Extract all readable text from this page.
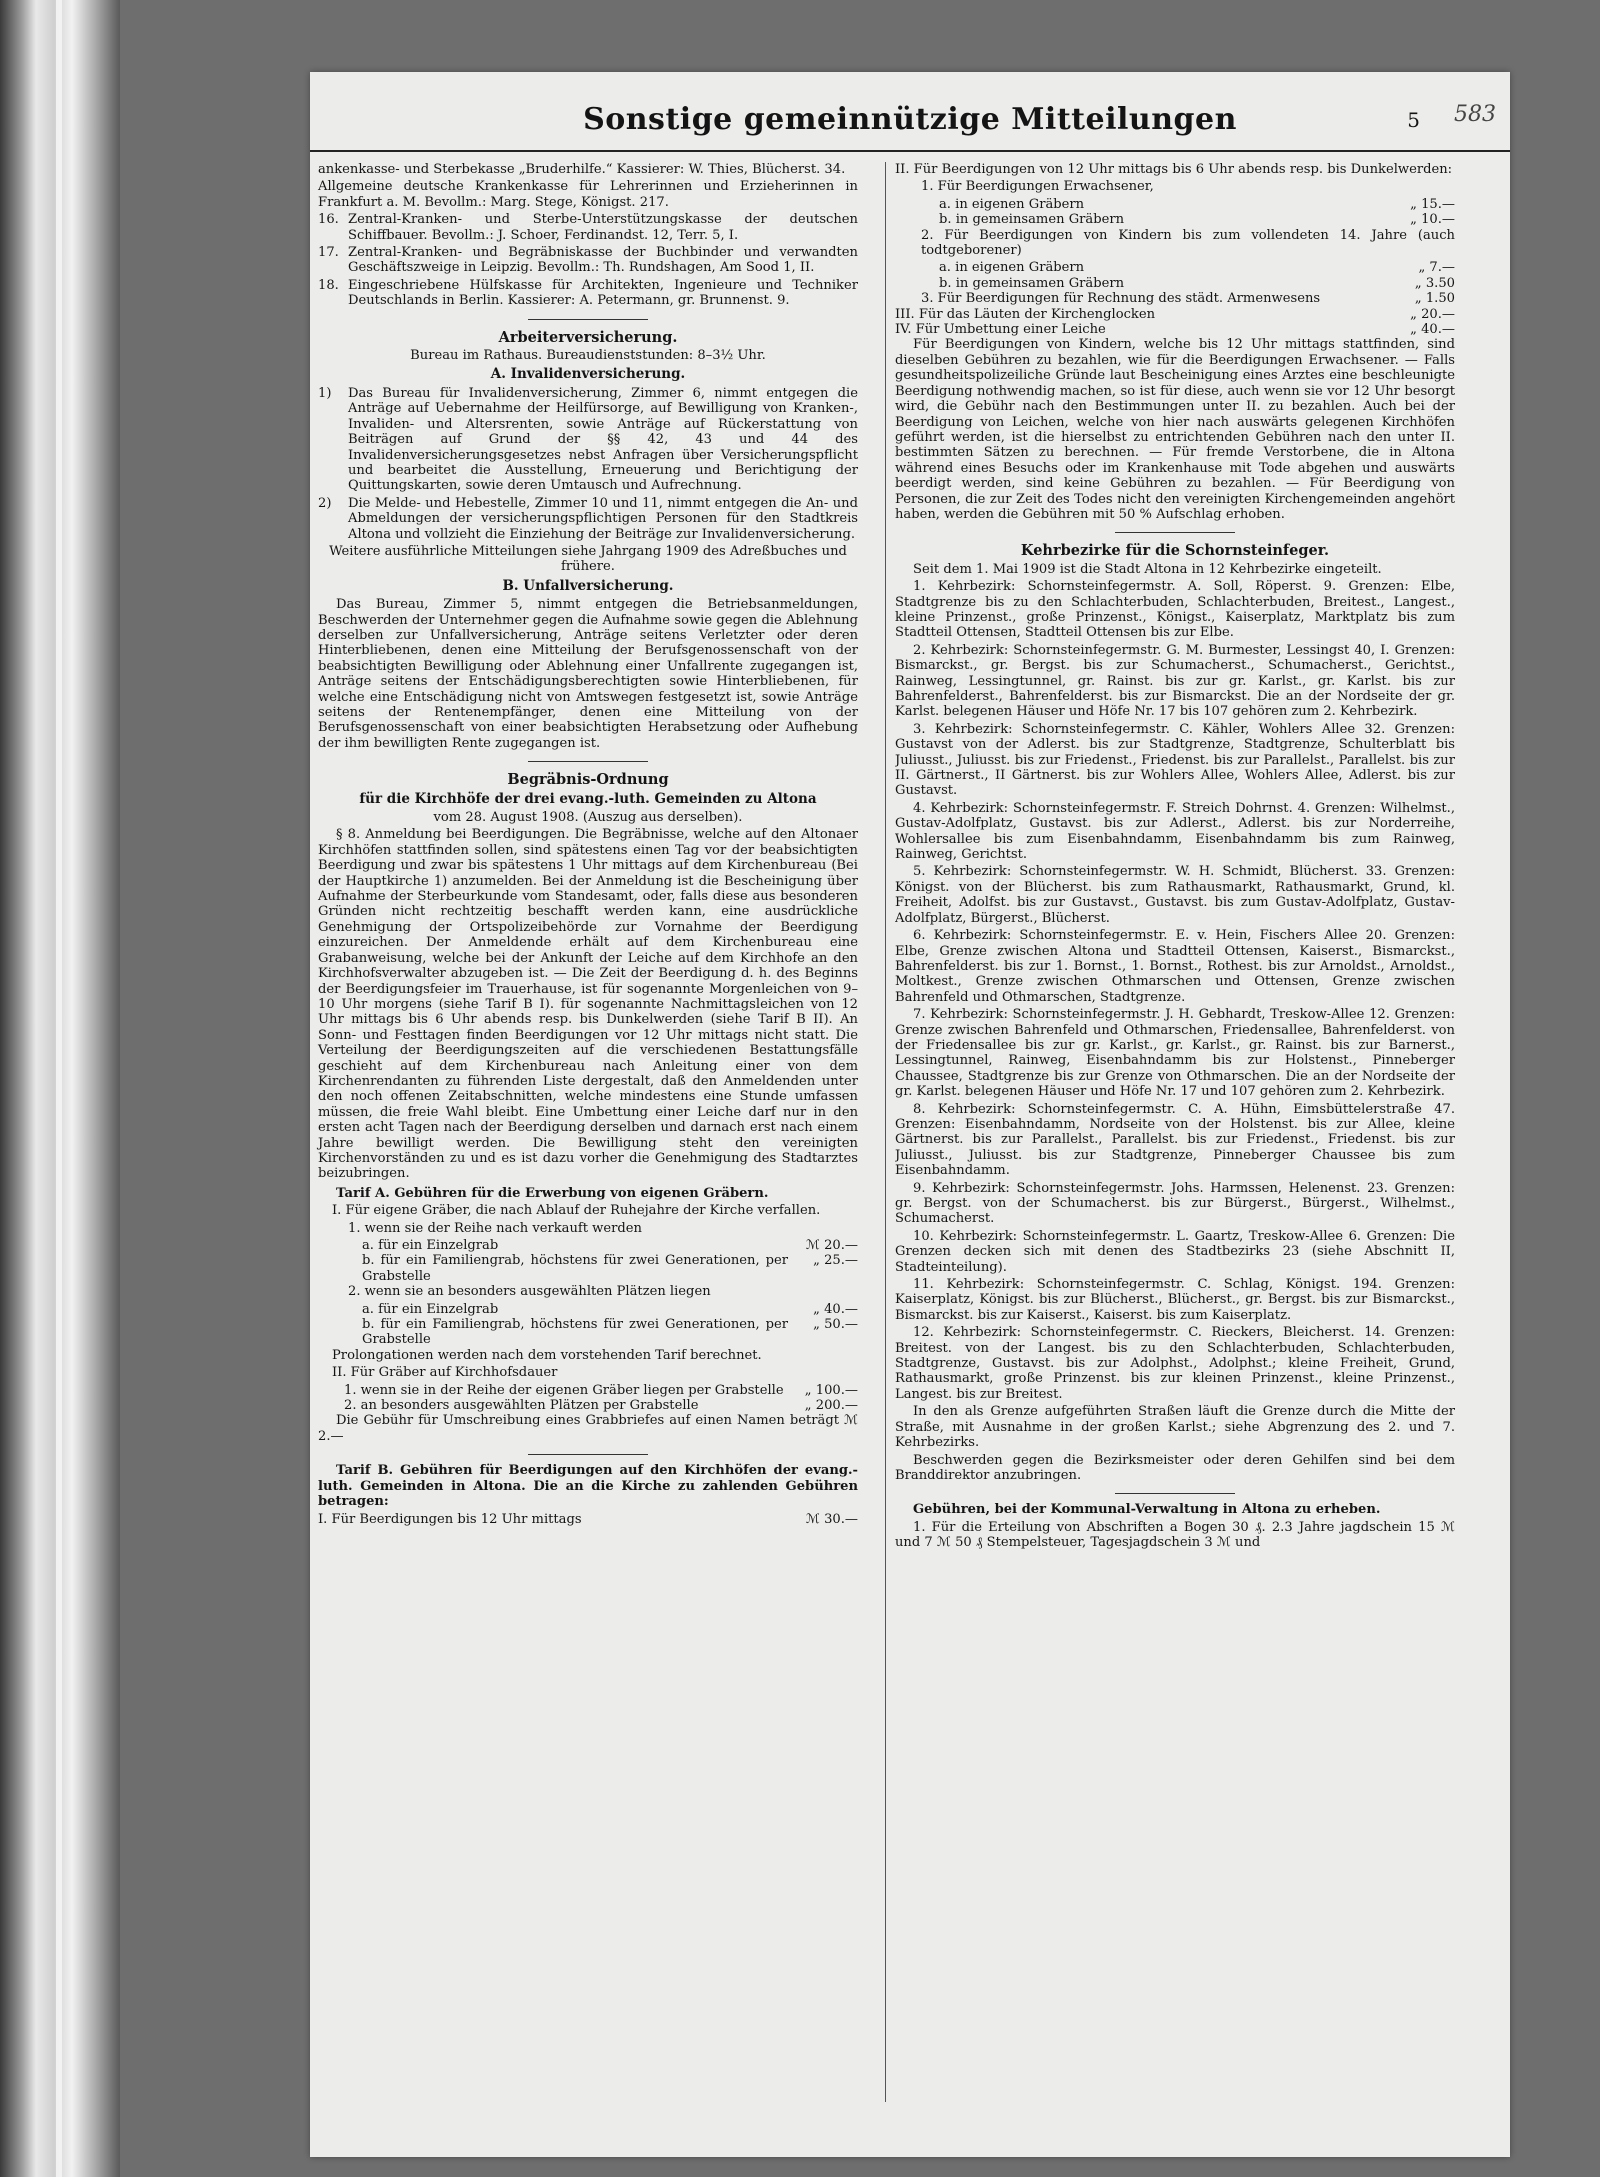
Sonstige gemeinnützige Mitteilungen	5 583

ankenkasse- und Sterbekasse „Bruderhilfe.“ Kassierer: W. Thies, Blücherst. 34.

Allgemeine deutsche Krankenkasse für Lehrerinnen und Erzieherinnen in Frankfurt a. M. Bevollm.: Marg. Stege, Königst. 217.

16. Zentral-Kranken- und Sterbe-Unterstützungskasse der deutschen Schiffbauer. Bevollm.: J. Schoer, Ferdinandst. 12, Terr. 5, I.
17. Zentral-Kranken- und Begräbniskasse der Buchbinder und verwandten Geschäftszweige in Leipzig. Bevollm.: Th. Rundshagen, Am Sood 1, II.
18. Eingeschriebene Hülfskasse für Architekten, Ingenieure und Techniker Deutschlands in Berlin. Kassierer: A. Petermann, gr. Brunnenst. 9.
Arbeiterversicherung.

Bureau im Rathaus. Bureaudienststunden: 8–3½ Uhr.

A. Invalidenversicherung.
1)	Das Bureau für Invalidenversicherung, Zimmer 6, nimmt entgegen die Anträge auf Uebernahme der Heilfürsorge, auf Bewilligung von Kranken-, Invaliden- und Altersrenten, sowie Anträge auf Rückerstattung von Beiträgen auf Grund der §§ 42, 43 und 44 des Invalidenversicherungsgesetzes nebst Anfragen über Versicherungspflicht und bearbeitet die Ausstellung, Erneuerung und Berichtigung der Quittungskarten, sowie deren Umtausch und Aufrechnung.
2)	Die Melde- und Hebestelle, Zimmer 10 und 11, nimmt entgegen die An- und Abmeldungen der versicherungspflichtigen Personen für den Stadtkreis Altona und vollzieht die Einziehung der Beiträge zur Invalidenversicherung.

Weitere ausführliche Mitteilungen siehe Jahrgang 1909 des Adreßbuches und frühere.

B. Unfallversicherung.

Das Bureau, Zimmer 5, nimmt entgegen die Betriebsanmeldungen, Beschwerden der Unternehmer gegen die Aufnahme sowie gegen die Ablehnung derselben zur Unfallversicherung, Anträge seitens Verletzter oder deren Hinterbliebenen, denen eine Mitteilung der Berufsgenossenschaft von der beabsichtigten Bewilligung oder Ablehnung einer Unfallrente zugegangen ist, Anträge seitens der Entschädigungsberechtigten sowie Hinterbliebenen, für welche eine Entschädigung nicht von Amtswegen festgesetzt ist, sowie Anträge seitens der Rentenempfänger, denen eine Mitteilung von der Berufsgenossenschaft von einer beabsichtigten Herabsetzung oder Aufhebung der ihm bewilligten Rente zugegangen ist.

Begräbnis-Ordnung
für die Kirchhöfe der drei evang.-luth. Gemeinden zu Altona

vom 28. August 1908. (Auszug aus derselben).

§ 8. Anmeldung bei Beerdigungen. Die Begräbnisse, welche auf den Altonaer Kirchhöfen stattfinden sollen, sind spätestens einen Tag vor der beabsichtigten Beerdigung und zwar bis spätestens 1 Uhr mittags auf dem Kirchenbureau (Bei der Hauptkirche 1) anzumelden. Bei der Anmeldung ist die Bescheinigung über Aufnahme der Sterbeurkunde vom Standesamt, oder, falls diese aus besonderen Gründen nicht rechtzeitig beschafft werden kann, eine ausdrückliche Genehmigung der Ortspolizeibehörde zur Vornahme der Beerdigung einzureichen. Der Anmeldende erhält auf dem Kirchenbureau eine Grabanweisung, welche bei der Ankunft der Leiche auf dem Kirchhofe an den Kirchhofsverwalter abzugeben ist. — Die Zeit der Beerdigung d. h. des Beginns der Beerdigungsfeier im Trauerhause, ist für sogenannte Morgenleichen von 9–10 Uhr morgens (siehe Tarif B I). für sogenannte Nachmittagsleichen von 12 Uhr mittags bis 6 Uhr abends resp. bis Dunkelwerden (siehe Tarif B II). An Sonn- und Festtagen finden Beerdigungen vor 12 Uhr mittags nicht statt. Die Verteilung der Beerdigungszeiten auf die verschiedenen Bestattungsfälle geschieht auf dem Kirchenbureau nach Anleitung einer von dem Kirchenrendanten zu führenden Liste dergestalt, daß den Anmeldenden unter den noch offenen Zeitabschnitten, welche mindestens eine Stunde umfassen müssen, die freie Wahl bleibt. Eine Umbettung einer Leiche darf nur in den ersten acht Tagen nach der Beerdigung derselben und darnach erst nach einem Jahre bewilligt werden. Die Bewilligung steht den vereinigten Kirchenvorständen zu und es ist dazu vorher die Genehmigung des Stadtarztes beizubringen.

Tarif A. Gebühren für die Erwerbung von eigenen Gräbern.

I. Für eigene Gräber, die nach Ablauf der Ruhejahre der Kirche verfallen.

1. wenn sie der Reihe nach verkauft werden

a. für ein Einzelgrab	ℳ 20.—
b. für ein Familiengrab, höchstens für zwei Generationen, per Grabstelle
„ 25.—

2. wenn sie an besonders ausgewählten Plätzen liegen

a. für ein Einzelgrab	„ 40.—
b. für ein Familiengrab, höchstens für zwei Generationen, per Grabstelle
„ 50.—

Prolongationen werden nach dem vorstehenden Tarif berechnet.

II. Für Gräber auf Kirchhofsdauer

1. wenn sie in der Reihe der eigenen Gräber liegen per Grabstelle	„ 100.—
2. an besonders ausgewählten Plätzen per Grabstelle	„ 200.—

Die Gebühr für Umschreibung eines Grabbriefes auf einen Namen beträgt ℳ 2.—

Tarif B. Gebühren für Beerdigungen auf den Kirchhöfen der evang.-luth. Gemeinden in Altona. Die an die Kirche zu zahlenden Gebühren betragen:

I. Für Beerdigungen bis 12 Uhr mittags	ℳ 30.—

II. Für Beerdigungen von 12 Uhr mittags bis 6 Uhr abends resp. bis Dunkelwerden:

1. Für Beerdigungen Erwachsener,

a. in eigenen Gräbern	„ 15.—
b. in gemeinsamen Gräbern	„ 10.—

2. Für Beerdigungen von Kindern bis zum vollendeten 14. Jahre (auch todtgeborener)

a. in eigenen Gräbern	„ 7.—
b. in gemeinsamen Gräbern	„ 3.50
3. Für Beerdigungen für Rechnung des städt. Armenwesens	„ 1.50
III. Für das Läuten der Kirchenglocken	„ 20.—
IV. Für Umbettung einer Leiche	„ 40.—

Für Beerdigungen von Kindern, welche bis 12 Uhr mittags stattfinden, sind dieselben Gebühren zu bezahlen, wie für die Beerdigungen Erwachsener. — Falls gesundheitspolizeiliche Gründe laut Bescheinigung eines Arztes eine beschleunigte Beerdigung nothwendig machen, so ist für diese, auch wenn sie vor 12 Uhr besorgt wird, die Gebühr nach den Bestimmungen unter II. zu bezahlen. Auch bei der Beerdigung von Leichen, welche von hier nach auswärts gelegenen Kirchhöfen geführt werden, ist die hierselbst zu entrichtenden Gebühren nach den unter II. bestimmten Sätzen zu berechnen. — Für fremde Verstorbene, die in Altona während eines Besuchs oder im Krankenhause mit Tode abgehen und auswärts beerdigt werden, sind keine Gebühren zu bezahlen. — Für Beerdigung von Personen, die zur Zeit des Todes nicht den vereinigten Kirchengemeinden angehört haben, werden die Gebühren mit 50 % Aufschlag erhoben.

Kehrbezirke für die Schornsteinfeger.

Seit dem 1. Mai 1909 ist die Stadt Altona in 12 Kehrbezirke eingeteilt.

1. Kehrbezirk: Schornsteinfegermstr. A. Soll, Röperst. 9. Grenzen: Elbe, Stadtgrenze bis zu den Schlachterbuden, Schlachterbuden, Breitest., Langest., kleine Prinzenst., große Prinzenst., Königst., Kaiserplatz, Marktplatz bis zum Stadtteil Ottensen, Stadtteil Ottensen bis zur Elbe.

2. Kehrbezirk: Schornsteinfegermstr. G. M. Burmester, Lessingst 40, I. Grenzen: Bismarckst., gr. Bergst. bis zur Schumacherst., Schumacherst., Gerichtst., Rainweg, Lessingtunnel, gr. Rainst. bis zur gr. Karlst., gr. Karlst. bis zur Bahrenfelderst., Bahrenfelderst. bis zur Bismarckst. Die an der Nordseite der gr. Karlst. belegenen Häuser und Höfe Nr. 17 bis 107 gehören zum 2. Kehrbezirk.

3. Kehrbezirk: Schornsteinfegermstr. C. Kähler, Wohlers Allee 32. Grenzen: Gustavst von der Adlerst. bis zur Stadtgrenze, Stadtgrenze, Schulterblatt bis Juliusst., Juliusst. bis zur Friedenst., Friedenst. bis zur Parallelst., Parallelst. bis zur II. Gärtnerst., II Gärtnerst. bis zur Wohlers Allee, Wohlers Allee, Adlerst. bis zur Gustavst.

4. Kehrbezirk: Schornsteinfegermstr. F. Streich Dohrnst. 4. Grenzen: Wilhelmst., Gustav-Adolfplatz, Gustavst. bis zur Adlerst., Adlerst. bis zur Norderreihe, Wohlersallee bis zum Eisenbahndamm, Eisenbahndamm bis zum Rainweg, Rainweg, Gerichtst.

5. Kehrbezirk: Schornsteinfegermstr. W. H. Schmidt, Blücherst. 33. Grenzen: Königst. von der Blücherst. bis zum Rathausmarkt, Rathausmarkt, Grund, kl. Freiheit, Adolfst. bis zur Gustavst., Gustavst. bis zum Gustav-Adolfplatz, Gustav-Adolfplatz, Bürgerst., Blücherst.

6. Kehrbezirk: Schornsteinfegermstr. E. v. Hein, Fischers Allee 20. Grenzen: Elbe, Grenze zwischen Altona und Stadtteil Ottensen, Kaiserst., Bismarckst., Bahrenfelderst. bis zur 1. Bornst., 1. Bornst., Rothest. bis zur Arnoldst., Arnoldst., Moltkest., Grenze zwischen Othmarschen und Ottensen, Grenze zwischen Bahrenfeld und Othmarschen, Stadtgrenze.

7. Kehrbezirk: Schornsteinfegermstr. J. H. Gebhardt, Treskow-Allee 12. Grenzen: Grenze zwischen Bahrenfeld und Othmarschen, Friedensallee, Bahrenfelderst. von der Friedensallee bis zur gr. Karlst., gr. Karlst., gr. Rainst. bis zur Barnerst., Lessingtunnel, Rainweg, Eisenbahndamm bis zur Holstenst., Pinneberger Chaussee, Stadtgrenze bis zur Grenze von Othmarschen. Die an der Nordseite der gr. Karlst. belegenen Häuser und Höfe Nr. 17 und 107 gehören zum 2. Kehrbezirk.

8. Kehrbezirk: Schornsteinfegermstr. C. A. Hühn, Eimsbüttelerstraße 47. Grenzen: Eisenbahndamm, Nordseite von der Holstenst. bis zur Allee, kleine Gärtnerst. bis zur Parallelst., Parallelst. bis zur Friedenst., Friedenst. bis zur Juliusst., Juliusst. bis zur Stadtgrenze, Pinneberger Chaussee bis zum Eisenbahndamm.

9. Kehrbezirk: Schornsteinfegermstr. Johs. Harmssen, Helenenst. 23. Grenzen: gr. Bergst. von der Schumacherst. bis zur Bürgerst., Bürgerst., Wilhelmst., Schumacherst.

10. Kehrbezirk: Schornsteinfegermstr. L. Gaartz, Treskow-Allee 6. Grenzen: Die Grenzen decken sich mit denen des Stadtbezirks 23 (siehe Abschnitt II, Stadteinteilung).

11. Kehrbezirk: Schornsteinfegermstr. C. Schlag, Königst. 194. Grenzen: Kaiserplatz, Königst. bis zur Blücherst., Blücherst., gr. Bergst. bis zur Bismarckst., Bismarckst. bis zur Kaiserst., Kaiserst. bis zum Kaiserplatz.

12. Kehrbezirk: Schornsteinfegermstr. C. Rieckers, Bleicherst. 14. Grenzen: Breitest. von der Langest. bis zu den Schlachterbuden, Schlachterbuden, Stadtgrenze, Gustavst. bis zur Adolphst., Adolphst.; kleine Freiheit, Grund, Rathausmarkt, große Prinzenst. bis zur kleinen Prinzenst., kleine Prinzenst., Langest. bis zur Breitest.

In den als Grenze aufgeführten Straßen läuft die Grenze durch die Mitte der Straße, mit Ausnahme in der großen Karlst.; siehe Abgrenzung des 2. und 7. Kehrbezirks.

Beschwerden gegen die Bezirksmeister oder deren Gehilfen sind bei dem Branddirektor anzubringen.

Gebühren, bei der Kommunal-Verwaltung in Altona zu erheben.

1. Für die Erteilung von Abschriften a Bogen 30 ₰. 2.3 Jahre jagdschein 15 ℳ und 7 ℳ 50 ₰ Stempelsteuer, Tagesjagdschein 3 ℳ und
